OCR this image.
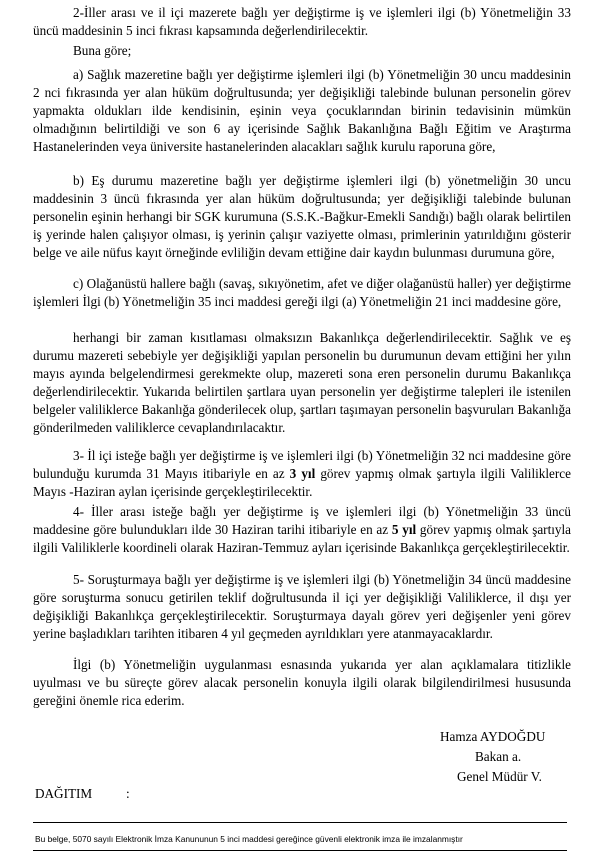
2-İller arası ve il içi mazerete bağlı yer değiştirme iş ve işlemleri ilgi (b) Yönetmeliğin 33 üncü maddesinin 5 inci fıkrası kapsamında değerlendirilecektir.

Buna göre;

a) Sağlık mazeretine bağlı yer değiştirme işlemleri ilgi (b) Yönetmeliğin 30 uncu maddesinin 2 nci fıkrasında yer alan hüküm doğrultusunda; yer değişikliği talebinde bulunan personelin görev yapmakta oldukları ilde kendisinin, eşinin veya çocuklarından birinin tedavisinin mümkün olmadığının belirtildiği ve son 6 ay içerisinde Sağlık Bakanlığına Bağlı Eğitim ve Araştırma Hastanelerinden veya üniversite hastanelerinden alacakları sağlık kurulu raporuna göre,

b) Eş durumu mazeretine bağlı yer değiştirme işlemleri ilgi (b) yönetmeliğin 30 uncu maddesinin 3 üncü fıkrasında yer alan hüküm doğrultusunda; yer değişikliği talebinde bulunan personelin eşinin herhangi bir SGK kurumuna (S.S.K.-Bağkur-Emekli Sandığı) bağlı olarak belirtilen iş yerinde halen çalışıyor olması, iş yerinin çalışır vaziyette olması, primlerinin yatırıldığını gösterir belge ve aile nüfus kayıt örneğinde evliliğin devam ettiğine dair kaydın bulunması durumuna göre,

c) Olağanüstü hallere bağlı (savaş, sıkıyönetim, afet ve diğer olağanüstü haller) yer değiştirme işlemleri İlgi (b) Yönetmeliğin 35 inci maddesi gereği ilgi (a) Yönetmeliğin 21 inci maddesine göre,

herhangi bir zaman kısıtlaması olmaksızın Bakanlıkça değerlendirilecektir. Sağlık ve eş durumu mazereti sebebiyle yer değişikliği yapılan personelin bu durumunun devam ettiğini her yılın mayıs ayında belgelendirmesi gerekmekte olup, mazereti sona eren personelin durumu Bakanlıkça değerlendirilecektir. Yukarıda belirtilen şartlara uyan personelin yer değiştirme talepleri ile istenilen belgeler valiliklerce Bakanlığa gönderilecek olup, şartları taşımayan personelin başvuruları Bakanlığa gönderilmeden valiliklerce cevaplandırılacaktır.

3- İl içi isteğe bağlı yer değiştirme iş ve işlemleri ilgi (b) Yönetmeliğin 32 nci maddesine göre bulunduğu kurumda 31 Mayıs itibariyle en az 3 yıl görev yapmış olmak şartıyla ilgili Valiliklerce Mayıs -Haziran aylan içerisinde gerçekleştirilecektir.

4- İller arası isteğe bağlı yer değiştirme iş ve işlemleri ilgi (b) Yönetmeliğin 33 üncü maddesine göre bulundukları ilde 30 Haziran tarihi itibariyle en az 5 yıl görev yapmış olmak şartıyla ilgili Valiliklerle koordineli olarak Haziran-Temmuz ayları içerisinde Bakanlıkça gerçekleştirilecektir.

5- Soruşturmaya bağlı yer değiştirme iş ve işlemleri ilgi (b) Yönetmeliğin 34 üncü maddesine göre soruşturma sonucu getirilen teklif doğrultusunda il içi yer değişikliği Valiliklerce, il dışı yer değişikliği Bakanlıkça gerçekleştirilecektir. Soruşturmaya dayalı görev yeri değişenler yeni görev yerine başladıkları tarihten itibaren 4 yıl geçmeden ayrıldıkları yere atanmayacaklardır.

İlgi (b) Yönetmeliğin uygulanması esnasında yukarıda yer alan açıklamalara titizlikle uyulması ve bu süreçte görev alacak personelin konuyla ilgili olarak bilgilendirilmesi hususunda gereğini önemle rica ederim.

Hamza AYDOĞDU
Bakan a.
Genel Müdür V.
DAĞITIM	:
Bu belge, 5070 sayılı Elektronik İmza Kanununun 5 inci maddesi gereğince güvenli elektronik imza ile imzalanmıştır
